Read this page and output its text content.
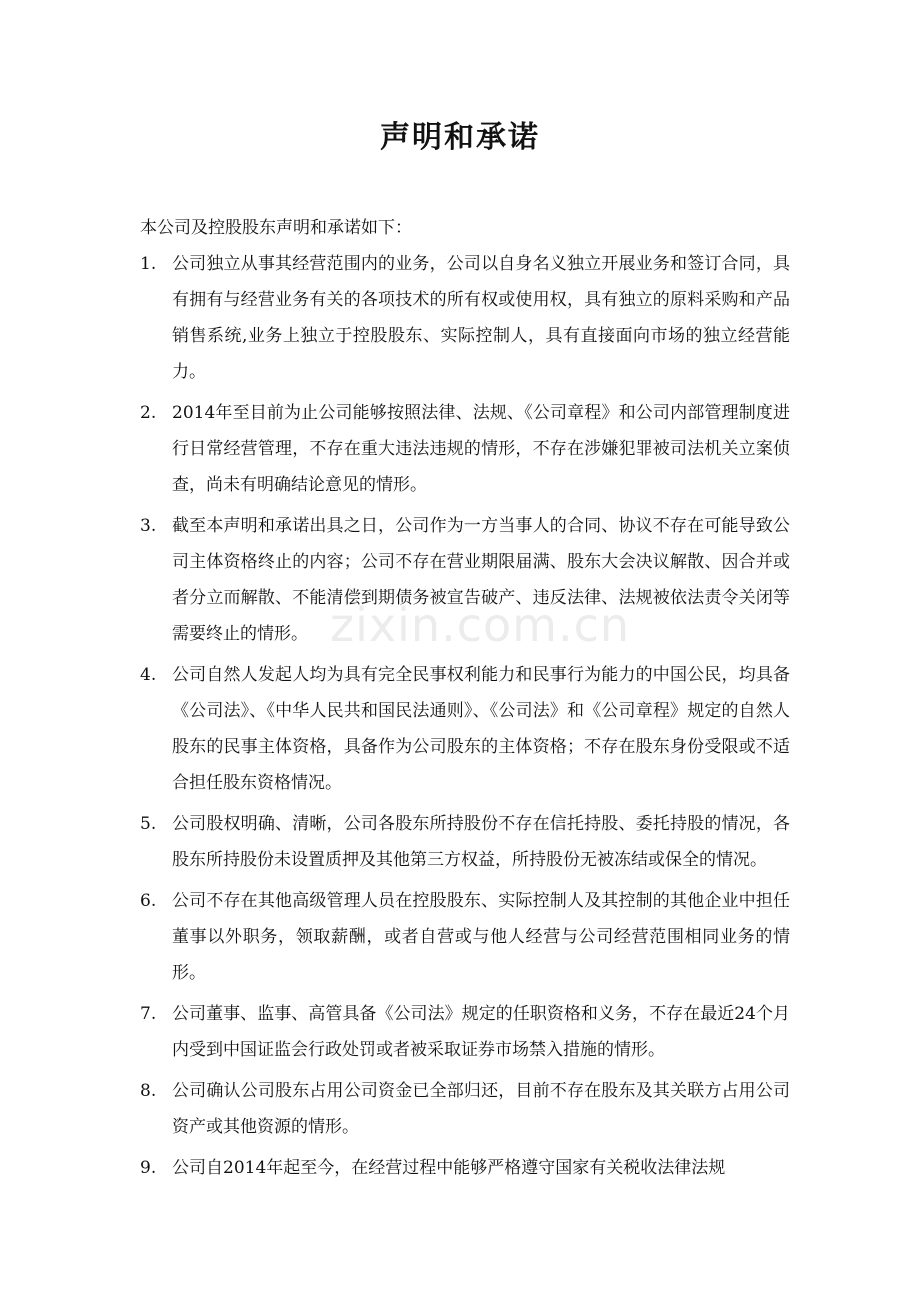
声明和承诺
本公司及控股股东声明和承诺如下：
1. 公司独立从事其经营范围内的业务，公司以自身名义独立开展业务和签订合同，具有拥有与经营业务有关的各项技术的所有权或使用权，具有独立的原料采购和产品销售系统,业务上独立于控股股东、实际控制人，具有直接面向市场的独立经营能力。
2. 2014年至目前为止公司能够按照法律、法规、《公司章程》和公司内部管理制度进行日常经营管理，不存在重大违法违规的情形，不存在涉嫌犯罪被司法机关立案侦查，尚未有明确结论意见的情形。
3. 截至本声明和承诺出具之日，公司作为一方当事人的合同、协议不存在可能导致公司主体资格终止的内容；公司不存在营业期限届满、股东大会决议解散、因合并或者分立而解散、不能清偿到期债务被宣告破产、违反法律、法规被依法责令关闭等需要终止的情形。
4. 公司自然人发起人均为具有完全民事权利能力和民事行为能力的中国公民，均具备《公司法》、《中华人民共和国民法通则》、《公司法》和《公司章程》规定的自然人股东的民事主体资格，具备作为公司股东的主体资格；不存在股东身份受限或不适合担任股东资格情况。
5. 公司股权明确、清晰，公司各股东所持股份不存在信托持股、委托持股的情况，各股东所持股份未设置质押及其他第三方权益，所持股份无被冻结或保全的情况。
6. 公司不存在其他高级管理人员在控股股东、实际控制人及其控制的其他企业中担任董事以外职务，领取薪酬，或者自营或与他人经营与公司经营范围相同业务的情形。
7. 公司董事、监事、高管具备《公司法》规定的任职资格和义务，不存在最近24个月内受到中国证监会行政处罚或者被采取证券市场禁入措施的情形。
8. 公司确认公司股东占用公司资金已全部归还，目前不存在股东及其关联方占用公司资产或其他资源的情形。
9. 公司自2014年起至今，在经营过程中能够严格遵守国家有关税收法律法规
zixin.com.cn
